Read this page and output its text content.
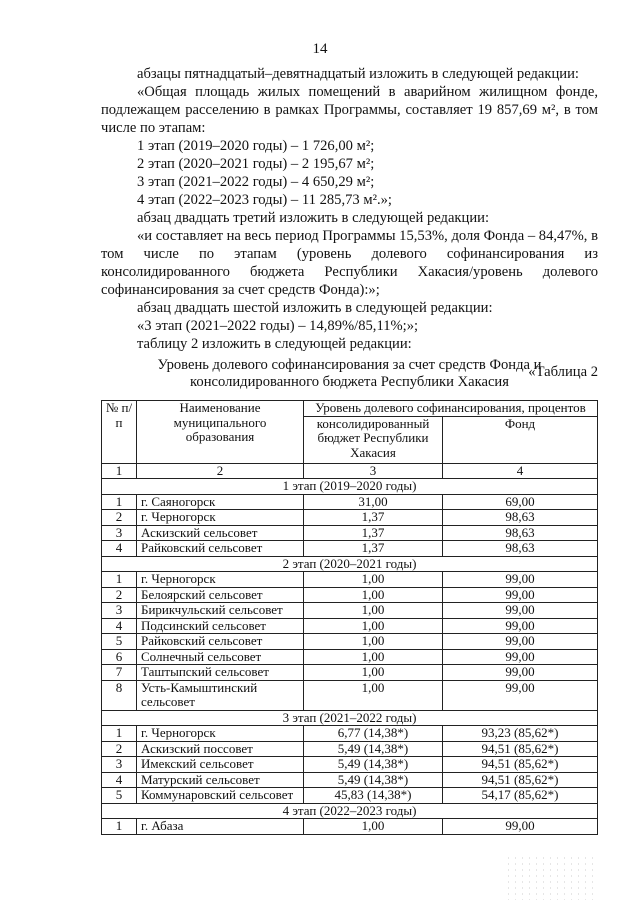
14

абзацы пятнадцатый–девятнадцатый изложить в следующей редакции:

«Общая площадь жилых помещений в аварийном жилищном фонде, подлежащем расселению в рамках Программы, составляет 19 857,69 м², в том числе по этапам:

1 этап (2019–2020 годы) – 1 726,00 м²;

2 этап (2020–2021 годы) – 2 195,67 м²;

3 этап (2021–2022 годы) – 4 650,29 м²;

4 этап (2022–2023 годы) – 11 285,73 м².»;

абзац двадцать третий изложить в следующей редакции:

«и составляет на весь период Программы 15,53%, доля Фонда – 84,47%, в том числе по этапам (уровень долевого софинансирования из консолидированного бюджета Республики Хакасия/уровень долевого софинансирования за счет средств Фонда):»;

абзац двадцать шестой изложить в следующей редакции:

«3 этап (2021–2022 годы) – 14,89%/85,11%;»;

таблицу 2 изложить в следующей редакции:

«Таблица 2

Уровень долевого софинансирования за счет средств Фонда и
консолидированного бюджета Республики Хакасия
№ п/п	Наименование муниципального образования	Уровень долевого софинансирования, процентов	
		консолидированный бюджет Республики Хакасия	Фонд
1	2	3	4
1 этап (2019–2020 годы)			
1	г. Саяногорск	31,00	69,00
2	г. Черногорск	1,37	98,63
3	Аскизский сельсовет	1,37	98,63
4	Райковский сельсовет	1,37	98,63
2 этап (2020–2021 годы)			
1	г. Черногорск	1,00	99,00
2	Белоярский сельсовет	1,00	99,00
3	Бирикчульский сельсовет	1,00	99,00
4	Подсинский сельсовет	1,00	99,00
5	Райковский сельсовет	1,00	99,00
6	Солнечный сельсовет	1,00	99,00
7	Таштыпский сельсовет	1,00	99,00
8	Усть-Камыштинский сельсовет	1,00	99,00
3 этап (2021–2022 годы)			
1	г. Черногорск	6,77 (14,38*)	93,23 (85,62*)
2	Аскизский поссовет	5,49 (14,38*)	94,51 (85,62*)
3	Имекский сельсовет	5,49 (14,38*)	94,51 (85,62*)
4	Матурский сельсовет	5,49 (14,38*)	94,51 (85,62*)
5	Коммунаровский сельсовет	45,83 (14,38*)	54,17 (85,62*)
4 этап (2022–2023 годы)			
1	г. Абаза	1,00	99,00
